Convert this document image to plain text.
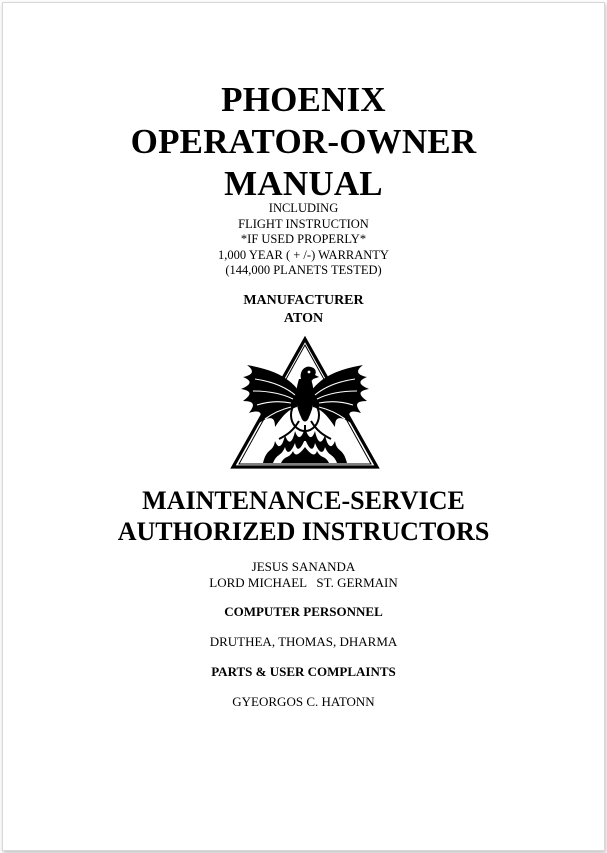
PHOENIX
OPERATOR-OWNER
MANUAL
INCLUDING
FLIGHT INSTRUCTION
*IF USED PROPERLY*
1,000 YEAR ( + /-) WARRANTY
(144,000 PLANETS TESTED)
MANUFACTURER
ATON
MAINTENANCE-SERVICE
AUTHORIZED INSTRUCTORS
JESUS SANANDA
LORD MICHAEL   ST. GERMAIN
COMPUTER PERSONNEL
DRUTHEA, THOMAS, DHARMA
PARTS & USER COMPLAINTS
GYEORGOS C. HATONN
